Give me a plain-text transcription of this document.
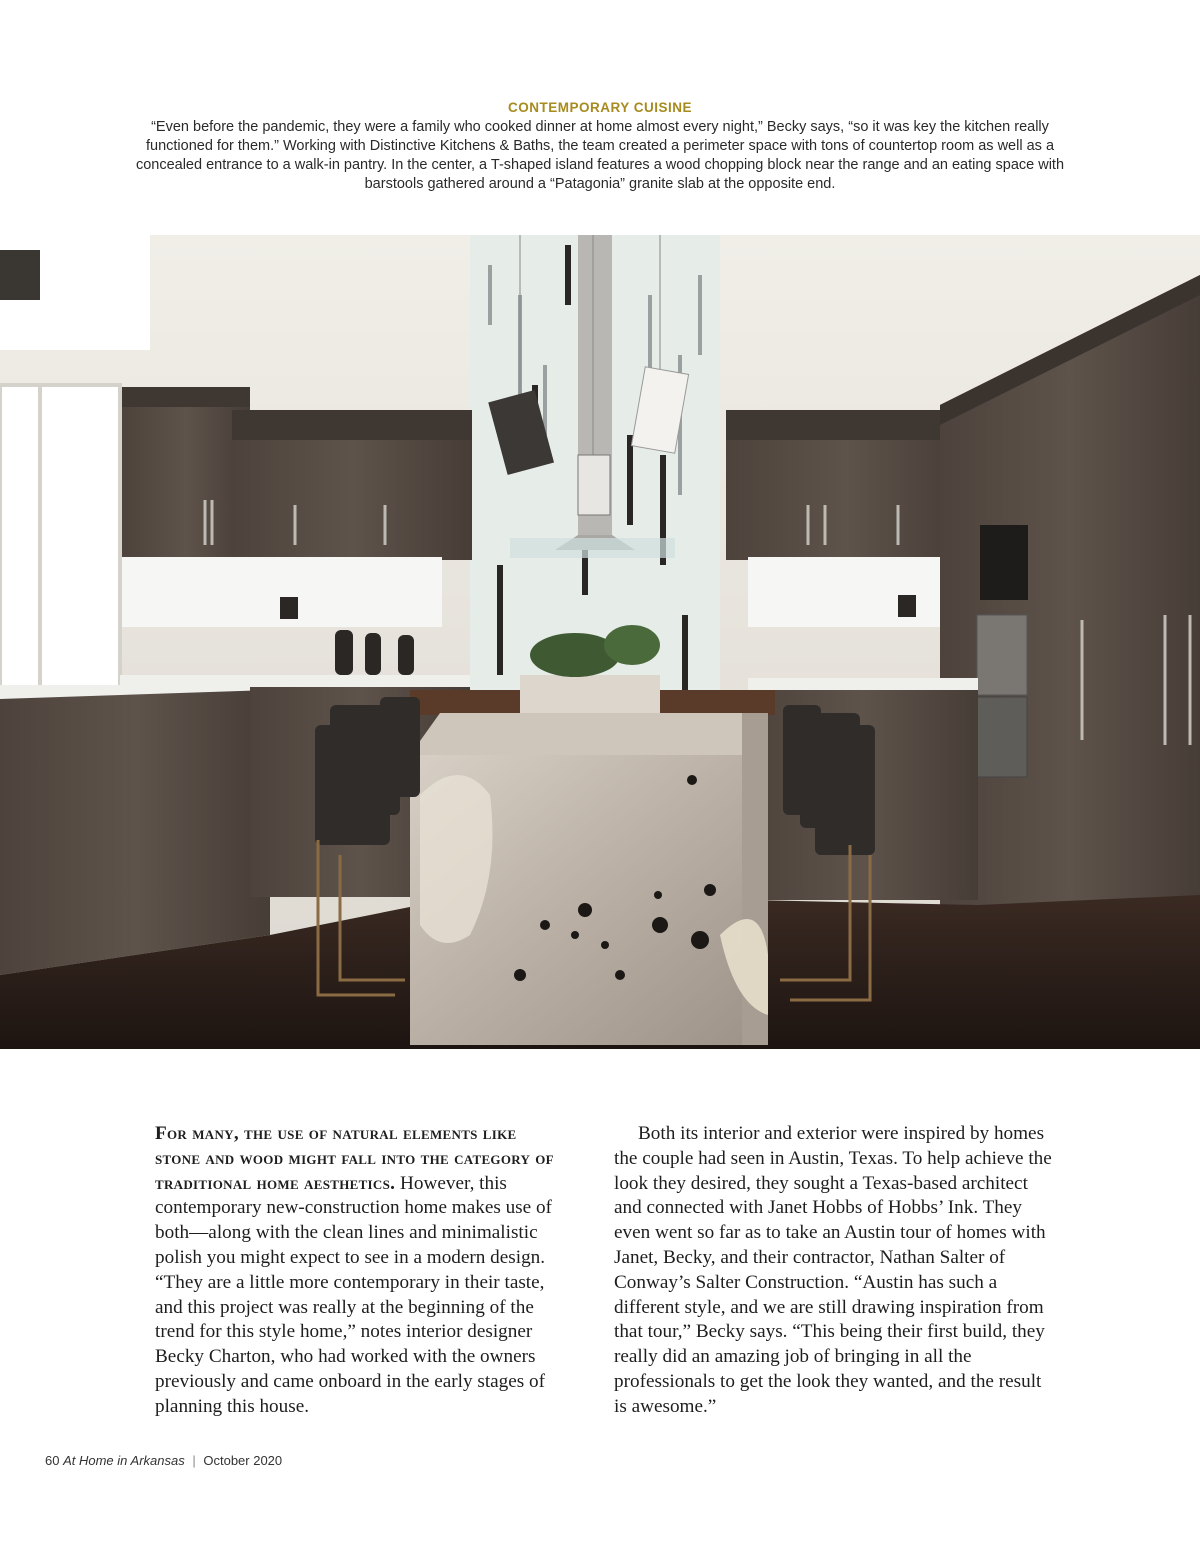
CONTEMPORARY CUISINE

“Even before the pandemic, they were a family who cooked dinner at home almost every night,” Becky says, “so it was key the kitchen really functioned for them.” Working with Distinctive Kitchens & Baths, the team created a perimeter space with tons of countertop room as well as a concealed entrance to a walk-in pantry. In the center, a T-shaped island features a wood chopping block near the range and an eating space with barstools gathered around a “Patagonia” granite slab at the opposite end.

For many, the use of natural elements like stone and wood might fall into the category of traditional home aesthetics. However, this contemporary new-construction home makes use of both—along with the clean lines and minimalistic polish you might expect to see in a modern design. “They are a little more contemporary in their taste, and this project was really at the beginning of the trend for this style home,” notes interior designer Becky Charton, who had worked with the owners previously and came onboard in the early stages of planning this house.

Both its interior and exterior were inspired by homes the couple had seen in Austin, Texas. To help achieve the look they desired, they sought a Texas-based architect and connected with Janet Hobbs of Hobbs’ Ink. They even went so far as to take an Austin tour of homes with Janet, Becky, and their contractor, Nathan Salter of Conway’s Salter Construction. “Austin has such a different style, and we are still drawing inspiration from that tour,” Becky says. “This being their first build, they really did an amazing job of bringing in all the professionals to get the look they wanted, and the result is awesome.”

60 At Home in Arkansas | October 2020
